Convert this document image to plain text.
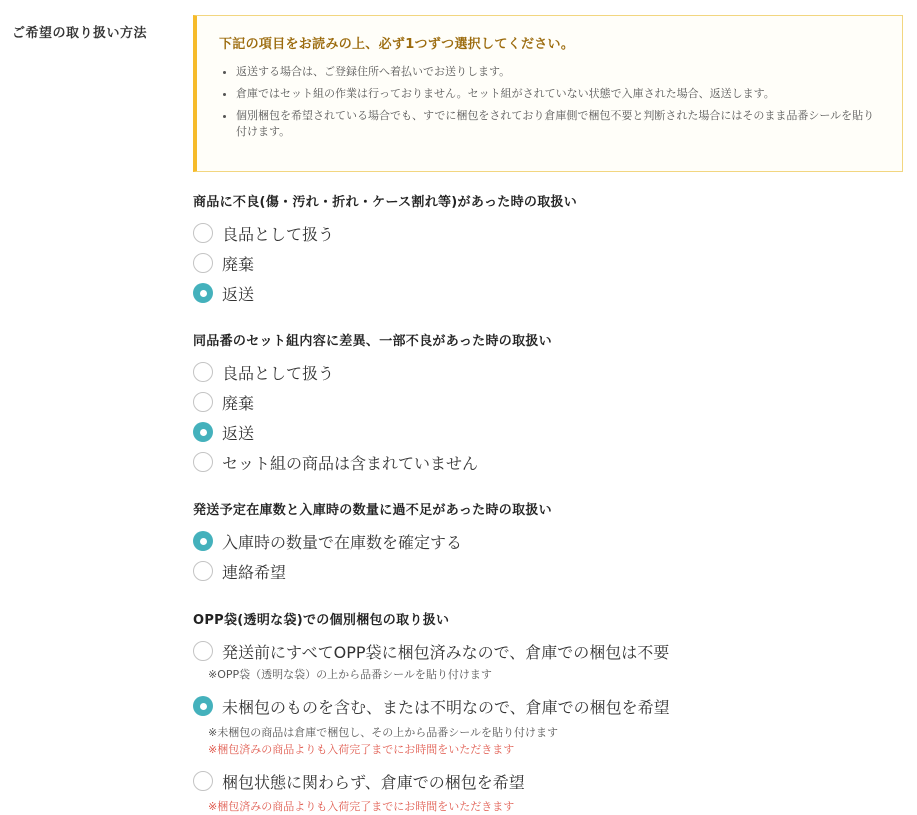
ご希望の取り扱い方法
下記の項目をお読みの上、必ず1つずつ選択してください。
• 返送する場合は、ご登録住所へ着払いでお送りします。
• 倉庫ではセット組の作業は行っておりません。セット組がされていない状態で入庫された場合、返送します。
• 個別梱包を希望されている場合でも、すでに梱包をされており倉庫側で梱包不要と判断された場合にはそのまま品番シールを貼り付けます。
商品に不良(傷・汚れ・折れ・ケース割れ等)があった時の取扱い
良品として扱う
廃棄
返送
同品番のセット組内容に差異、一部不良があった時の取扱い
良品として扱う
廃棄
返送
セット組の商品は含まれていません
発送予定在庫数と入庫時の数量に過不足があった時の取扱い
入庫時の数量で在庫数を確定する
連絡希望
OPP袋(透明な袋)での個別梱包の取り扱い
発送前にすべてOPP袋に梱包済みなので、倉庫での梱包は不要
※OPP袋（透明な袋）の上から品番シールを貼り付けます
未梱包のものを含む、または不明なので、倉庫での梱包を希望
※未梱包の商品は倉庫で梱包し、その上から品番シールを貼り付けます
※梱包済みの商品よりも入荷完了までにお時間をいただきます
梱包状態に関わらず、倉庫での梱包を希望
※梱包済みの商品よりも入荷完了までにお時間をいただきます
